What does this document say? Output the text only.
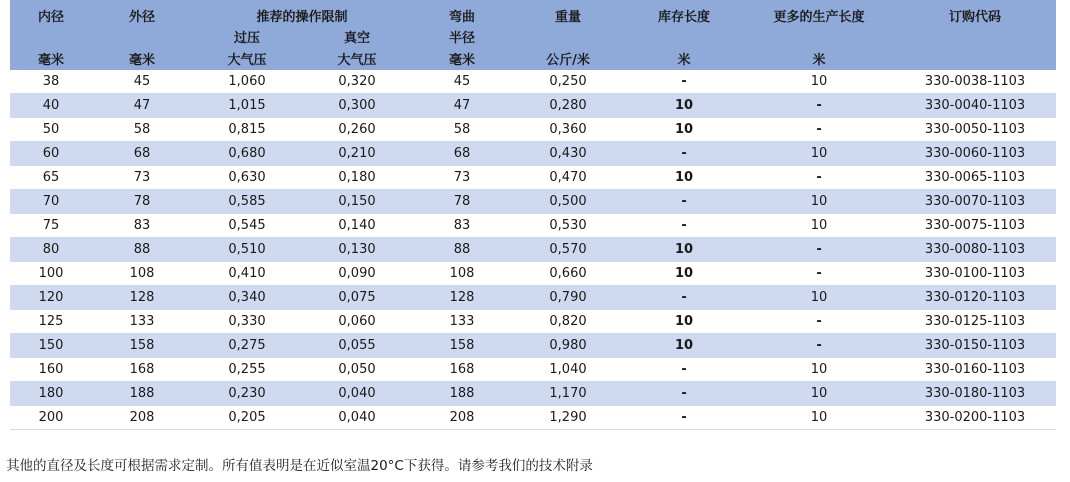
内径	外径	推荐的操作限制		弯曲	重量	库存长度	更多的生产长度	订购代码
		过压	真空	半径				
毫米	毫米	大气压	大气压	毫米	公斤/米	米	米	
38	45	1,060	0,320	45	0,250	-	10	330-0038-1103
40	47	1,015	0,300	47	0,280	10	-	330-0040-1103
50	58	0,815	0,260	58	0,360	10	-	330-0050-1103
60	68	0,680	0,210	68	0,430	-	10	330-0060-1103
65	73	0,630	0,180	73	0,470	10	-	330-0065-1103
70	78	0,585	0,150	78	0,500	-	10	330-0070-1103
75	83	0,545	0,140	83	0,530	-	10	330-0075-1103
80	88	0,510	0,130	88	0,570	10	-	330-0080-1103
100	108	0,410	0,090	108	0,660	10	-	330-0100-1103
120	128	0,340	0,075	128	0,790	-	10	330-0120-1103
125	133	0,330	0,060	133	0,820	10	-	330-0125-1103
150	158	0,275	0,055	158	0,980	10	-	330-0150-1103
160	168	0,255	0,050	168	1,040	-	10	330-0160-1103
180	188	0,230	0,040	188	1,170	-	10	330-0180-1103
200	208	0,205	0,040	208	1,290	-	10	330-0200-1103
其他的直径及长度可根据需求定制。所有值表明是在近似室温20°C下获得。请参考我们的技术附录
